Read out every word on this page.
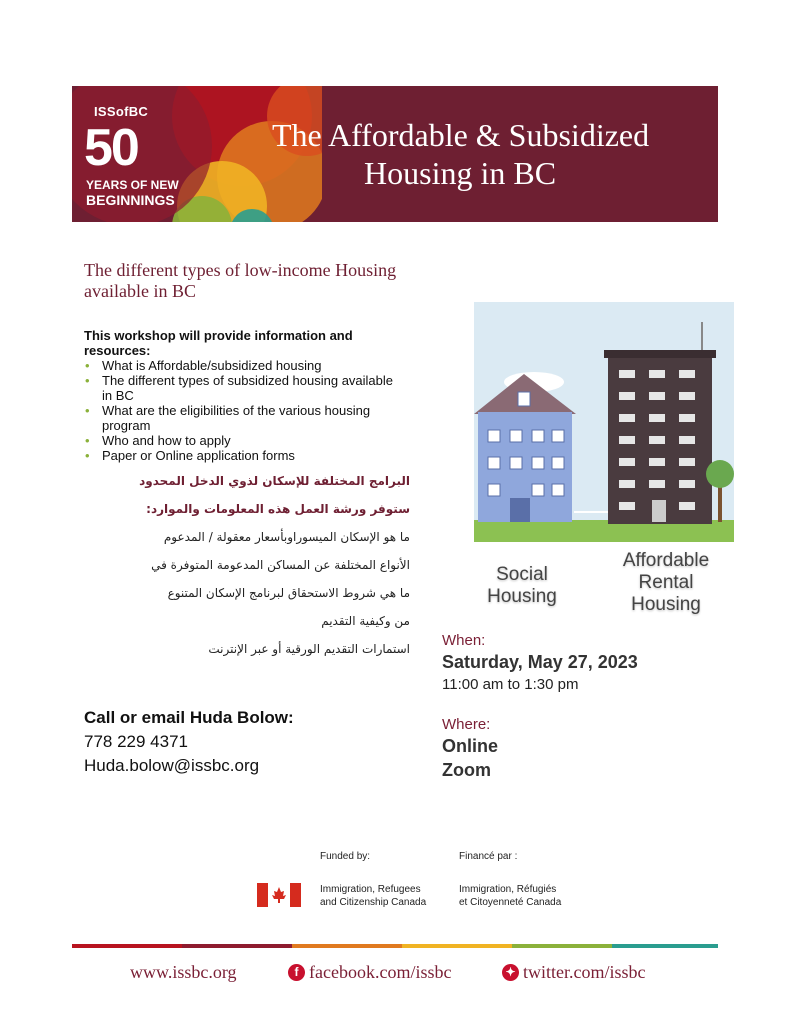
ISSofBC
50
YEARS OF NEW
BEGINNINGS
The Affordable & Subsidized
Housing in BC
The different types of low-income Housing available in BC
This workshop will provide information and resources:
• What is Affordable/subsidized housing
• The different types of subsidized housing available in BC
• What are the eligibilities of the various housing program
• Who and how to apply
• Paper or Online application forms
البرامج المختلفة للإسكان لذوي الدخل المحدود
ستوفر ورشة العمل هذه المعلومات والموارد:
ما هو الإسكان الميسوراوبأسعار معقولة / المدعوم
الأنواع المختلفة عن المساكن المدعومة المتوفرة في
ما هي شروط الاستحقاق لبرنامج الإسكان المتنوع
من وكيفية التقديم
استمارات التقديم الورقية أو عبر الإنترنت
Call or email Huda Bolow:
778 229 4371
Huda.bolow@issbc.org
Social Housing
Affordable Rental Housing
When:
Saturday, May 27, 2023
11:00 am to 1:30 pm
Where:
Online
Zoom
Funded by:	Financé par :
Immigration, Refugees
and Citizenship Canada
Immigration, Réfugiés
et Citoyenneté Canada
www.issbc.org	f facebook.com/issbc	✦ twitter.com/issbc
